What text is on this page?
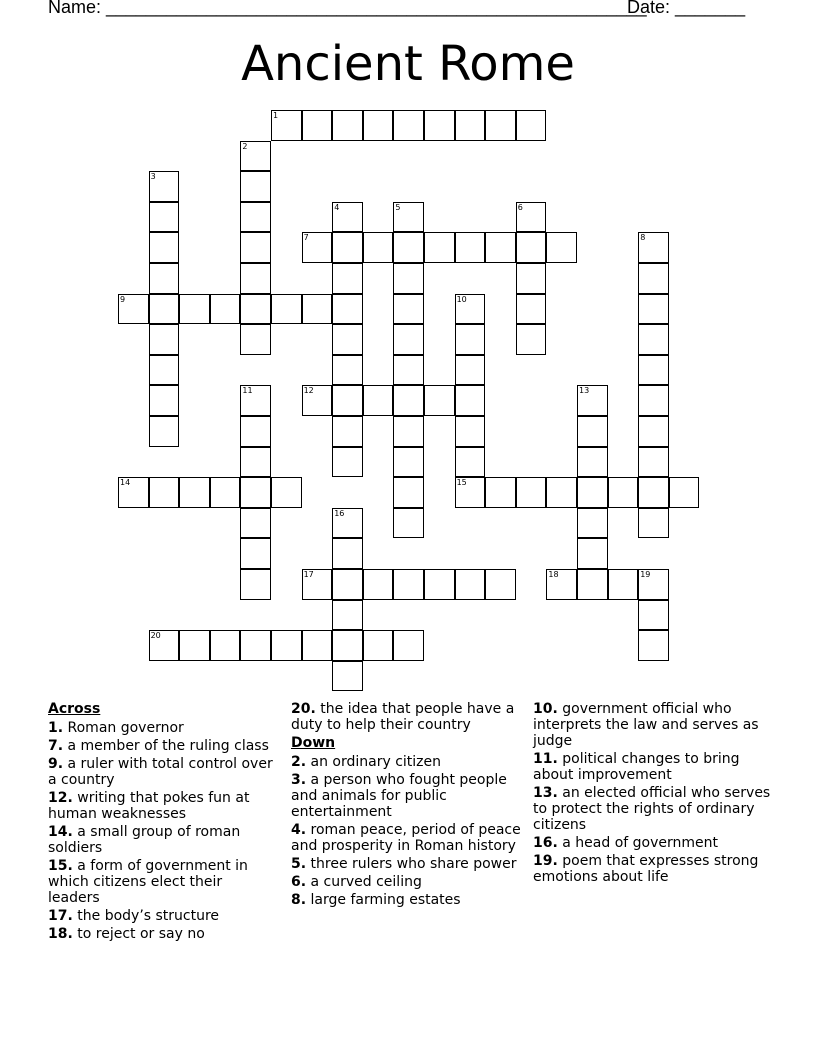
Name: ______________________________________________________
Date: _______
Ancient Rome
1
2
3
4	5	6
7	8
9	10
11	12	13
14	15
16
17	18	19
20
Across
1. Roman governor
7. a member of the ruling class
9. a ruler with total control over a country
12. writing that pokes fun at human weaknesses
14. a small group of roman soldiers
15. a form of government in which citizens elect their leaders
17. the body’s structure
18. to reject or say no
20. the idea that people have a duty to help their country
Down
2. an ordinary citizen
3. a person who fought people and animals for public entertainment
4. roman peace, period of peace and prosperity in Roman history
5. three rulers who share power
6. a curved ceiling
8. large farming estates
10. government official who interprets the law and serves as judge
11. political changes to bring about improvement
13. an elected official who serves to protect the rights of ordinary citizens
16. a head of government
19. poem that expresses strong emotions about life
